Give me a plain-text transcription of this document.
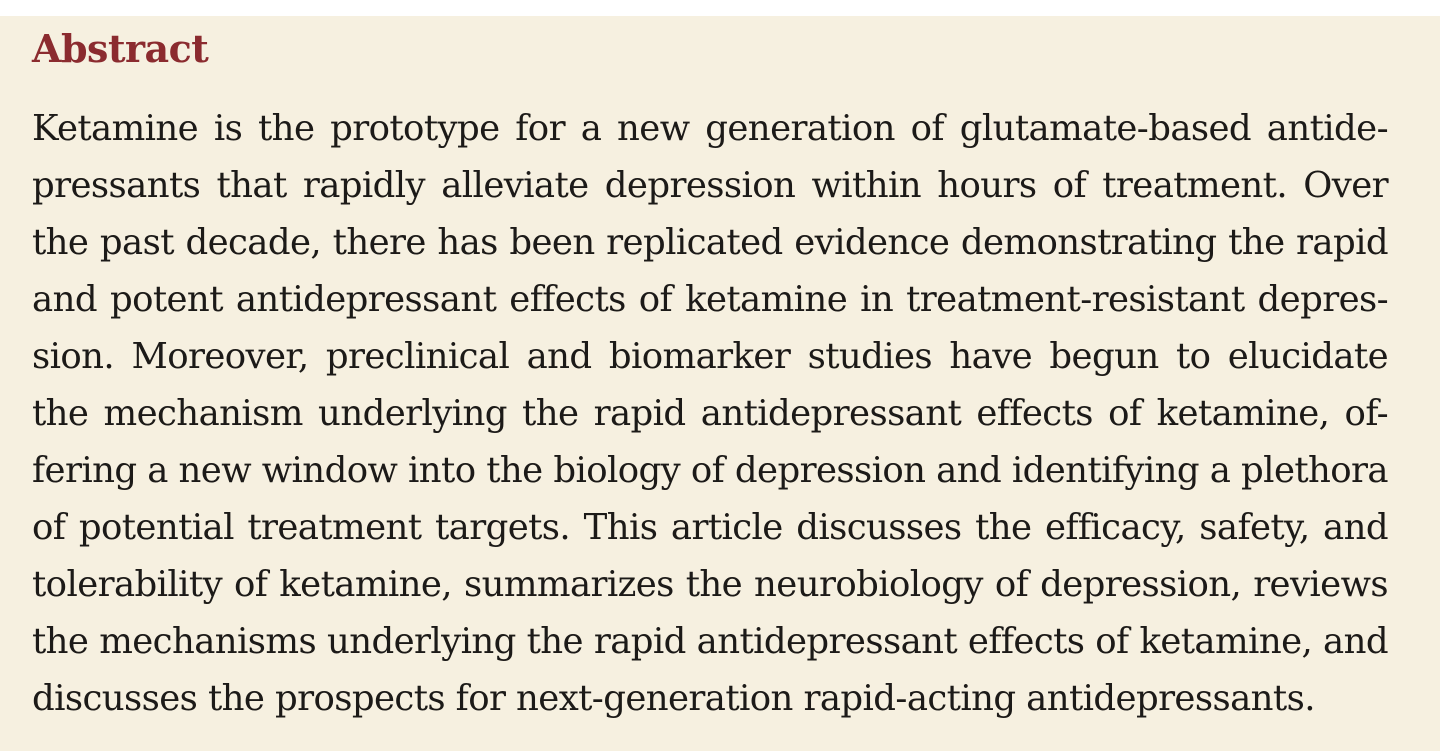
Abstract
Ketamine is the prototype for a new generation of glutamate-based antide-
pressants that rapidly alleviate depression within hours of treatment. Over
the past decade, there has been replicated evidence demonstrating the rapid
and potent antidepressant effects of ketamine in treatment-resistant depres-
sion. Moreover, preclinical and biomarker studies have begun to elucidate
the mechanism underlying the rapid antidepressant effects of ketamine, of-
fering a new window into the biology of depression and identifying a plethora
of potential treatment targets. This article discusses the efficacy, safety, and
tolerability of ketamine, summarizes the neurobiology of depression, reviews
the mechanisms underlying the rapid antidepressant effects of ketamine, and
discusses the prospects for next-generation rapid-acting antidepressants.
